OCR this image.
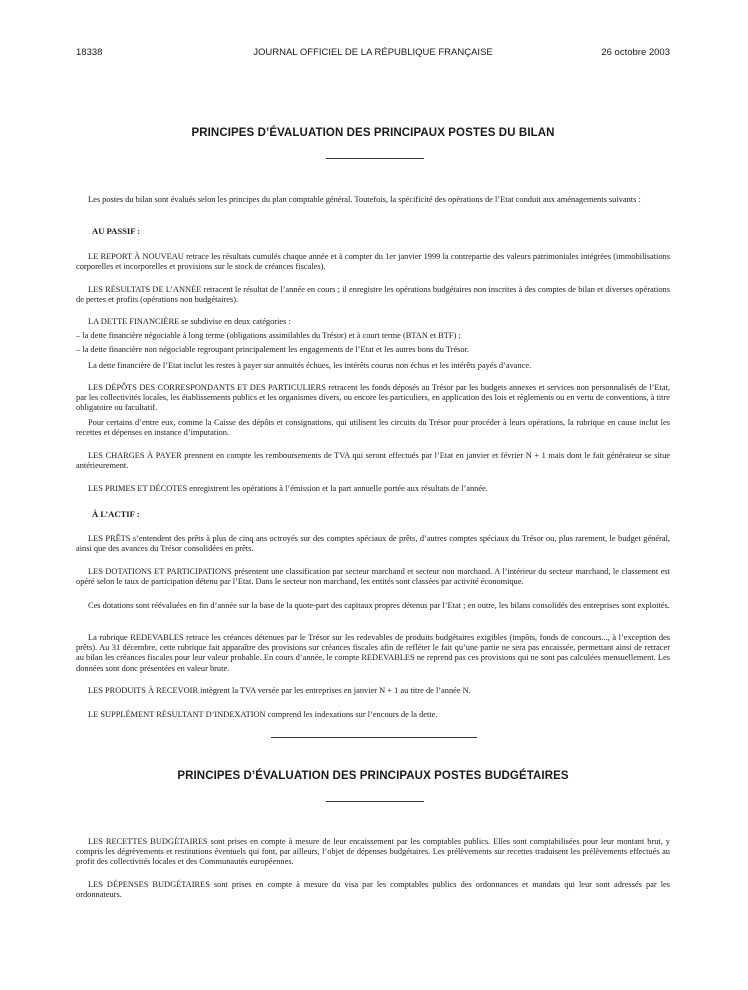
18338	JOURNAL OFFICIEL DE LA RÉPUBLIQUE FRANÇAISE	26 octobre 2003
PRINCIPES D’ÉVALUATION DES PRINCIPAUX POSTES DU BILAN

Les postes du bilan sont évalués selon les principes du plan comptable général. Toutefois, la spécificité des opérations de l’Etat conduit aux aménagements suivants :

AU PASSIF :

LE REPORT À NOUVEAU retrace les résultats cumulés chaque année et à compter du 1er janvier 1999 la contrepartie des valeurs patrimoniales intégrées (immobilisations corporelles et incorporelles et provisions sur le stock de créances fiscales).

LES RÉSULTATS DE L’ANNÉE retracent le résultat de l’année en cours ; il enregistre les opérations budgétaires non inscrites à des comptes de bilan et diverses opérations de pertes et profits (opérations non budgétaires).

LA DETTE FINANCIÈRE se subdivise en deux catégories :

– la dette financière négociable à long terme (obligations assimilables du Trésor) et à court terme (BTAN et BTF) ;

– la dette financière non négociable regroupant principalement les engagements de l’Etat et les autres bons du Trésor.

La dette financière de l’Etat inclut les restes à payer sur annuités échues, les intérêts courus non échus et les intérêts payés d’avance.

LES DÉPÔTS DES CORRESPONDANTS ET DES PARTICULIERS retracent les fonds déposés au Trésor par les budgets annexes et services non personnalisés de l’Etat, par les collectivités locales, les établissements publics et les organismes divers, ou encore les particuliers, en application des lois et règlements ou en vertu de conventions, à titre obligatoire ou facultatif.

Pour certains d’entre eux, comme la Caisse des dépôts et consignations, qui utilisent les circuits du Trésor pour procéder à leurs opérations, la rubrique en cause inclut les recettes et dépenses en instance d’imputation.

LES CHARGES À PAYER prennent en compte les remboursements de TVA qui seront effectués par l’Etat en janvier et février N + 1 mais dont le fait générateur se situe antérieurement.

LES PRIMES ET DÉCOTES enregistrent les opérations à l’émission et la part annuelle portée aux résultats de l’année.

À L’ACTIF :

LES PRÊTS s’entendent des prêts à plus de cinq ans octroyés sur des comptes spéciaux de prêts, d’autres comptes spéciaux du Trésor ou, plus rarement, le budget général, ainsi que des avances du Trésor consolidées en prêts.

LES DOTATIONS ET PARTICIPATIONS présentent une classification par secteur marchand et secteur non marchand. A l’intérieur du secteur marchand, le classement est opéré selon le taux de participation détenu par l’Etat. Dans le secteur non marchand, les entités sont classées par activité économique.

Ces dotations sont réévaluées en fin d’année sur la base de la quote-part des capitaux propres détenus par l’Etat ; en outre, les bilans consolidés des entreprises sont exploités.

La rubrique REDEVABLES retrace les créances détenues par le Trésor sur les redevables de produits budgétaires exigibles (impôts, fonds de concours..., à l’exception des prêts). Au 31 décembre, cette rubrique fait apparaître des provisions sur créances fiscales afin de refléter le fait qu’une partie ne sera pas encaissée, permettant ainsi de retracer au bilan les créances fiscales pour leur valeur probable. En cours d’année, le compte REDEVABLES ne reprend pas ces provisions qui ne sont pas calculées mensuellement. Les données sont donc présentées en valeur brute.

LES PRODUITS À RECEVOIR intègrent la TVA versée par les entreprises en janvier N + 1 au titre de l’année N.

LE SUPPLÉMENT RÉSULTANT D’INDEXATION comprend les indexations sur l’encours de la dette.

PRINCIPES D’ÉVALUATION DES PRINCIPAUX POSTES BUDGÉTAIRES

LES RECETTES BUDGÉTAIRES sont prises en compte à mesure de leur encaissement par les comptables publics. Elles sont comptabilisées pour leur montant brut, y compris les dégrèvements et restitutions éventuels qui font, par ailleurs, l’objet de dépenses budgétaires. Les prélèvements sur recettes traduisent les prélèvements effectués au profit des collectivités locales et des Communautés européennes.

LES DÉPENSES BUDGÉTAIRES sont prises en compte à mesure du visa par les comptables publics des ordonnances et mandats qui leur sont adressés par les ordonnateurs.
